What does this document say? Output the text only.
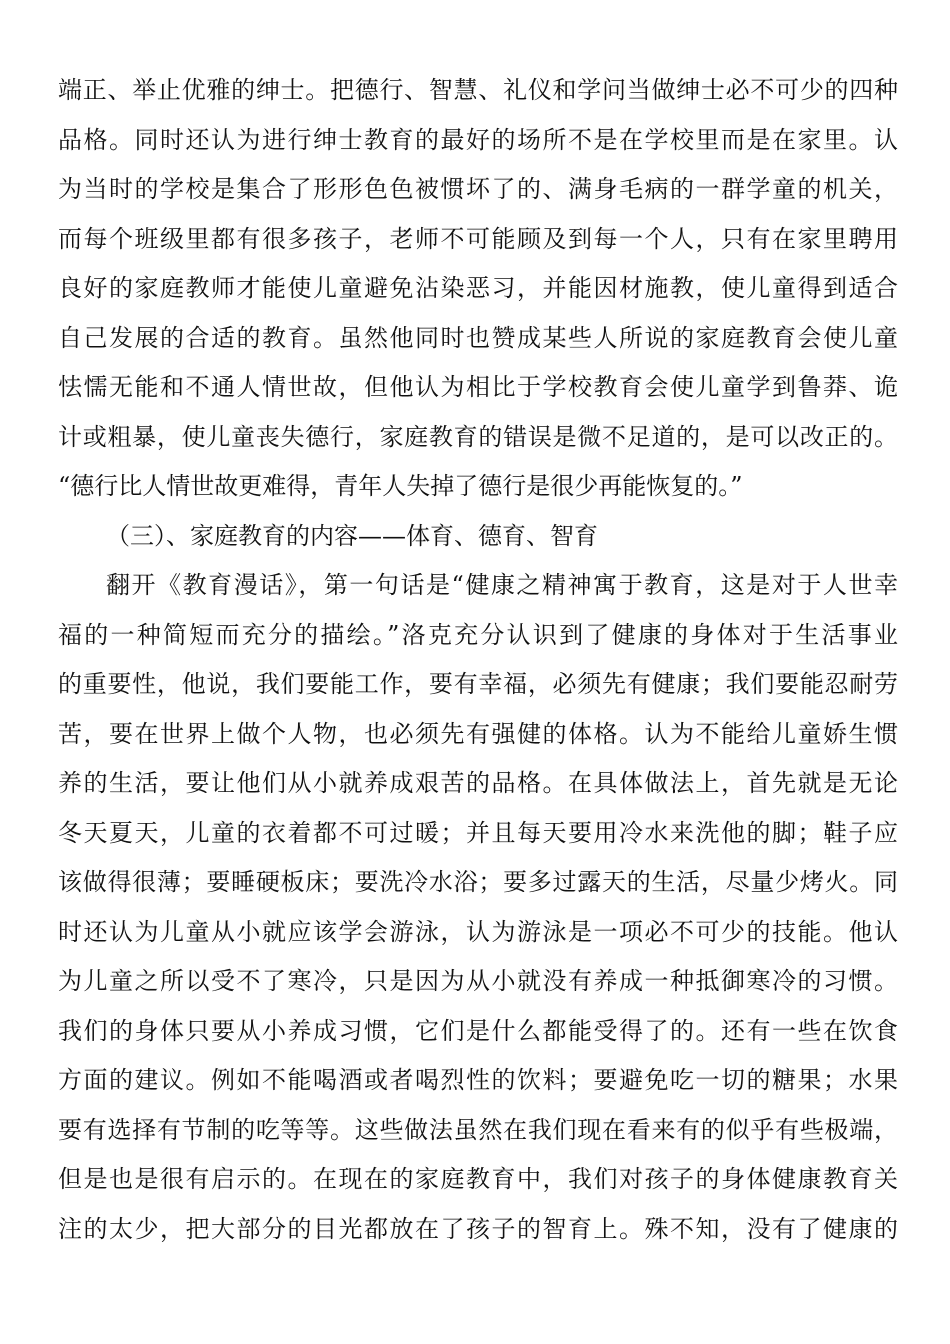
端正、举止优雅的绅士。把德行、智慧、礼仪和学问当做绅士必不可少的四种
品格。同时还认为进行绅士教育的最好的场所不是在学校里而是在家里。认
为当时的学校是集合了形形色色被惯坏了的、满身毛病的一群学童的机关，
而每个班级里都有很多孩子，老师不可能顾及到每一个人，只有在家里聘用
良好的家庭教师才能使儿童避免沾染恶习，并能因材施教，使儿童得到适合
自己发展的合适的教育。虽然他同时也赞成某些人所说的家庭教育会使儿童
怯懦无能和不通人情世故，但他认为相比于学校教育会使儿童学到鲁莽、诡
计或粗暴，使儿童丧失德行，家庭教育的错误是微不足道的，是可以改正的。
“德行比人情世故更难得，青年人失掉了德行是很少再能恢复的。”
（三）、家庭教育的内容——体育、德育、智育
翻开《教育漫话》，第一句话是“健康之精神寓于教育，这是对于人世幸
福的一种简短而充分的描绘。”洛克充分认识到了健康的身体对于生活事业
的重要性，他说，我们要能工作，要有幸福，必须先有健康；我们要能忍耐劳
苦，要在世界上做个人物，也必须先有强健的体格。认为不能给儿童娇生惯
养的生活，要让他们从小就养成艰苦的品格。在具体做法上，首先就是无论
冬天夏天，儿童的衣着都不可过暖；并且每天要用冷水来洗他的脚；鞋子应
该做得很薄；要睡硬板床；要洗冷水浴；要多过露天的生活，尽量少烤火。同
时还认为儿童从小就应该学会游泳，认为游泳是一项必不可少的技能。他认
为儿童之所以受不了寒冷，只是因为从小就没有养成一种抵御寒冷的习惯。
我们的身体只要从小养成习惯，它们是什么都能受得了的。还有一些在饮食
方面的建议。例如不能喝酒或者喝烈性的饮料；要避免吃一切的糖果；水果
要有选择有节制的吃等等。这些做法虽然在我们现在看来有的似乎有些极端，
但是也是很有启示的。在现在的家庭教育中，我们对孩子的身体健康教育关
注的太少，把大部分的目光都放在了孩子的智育上。殊不知，没有了健康的
